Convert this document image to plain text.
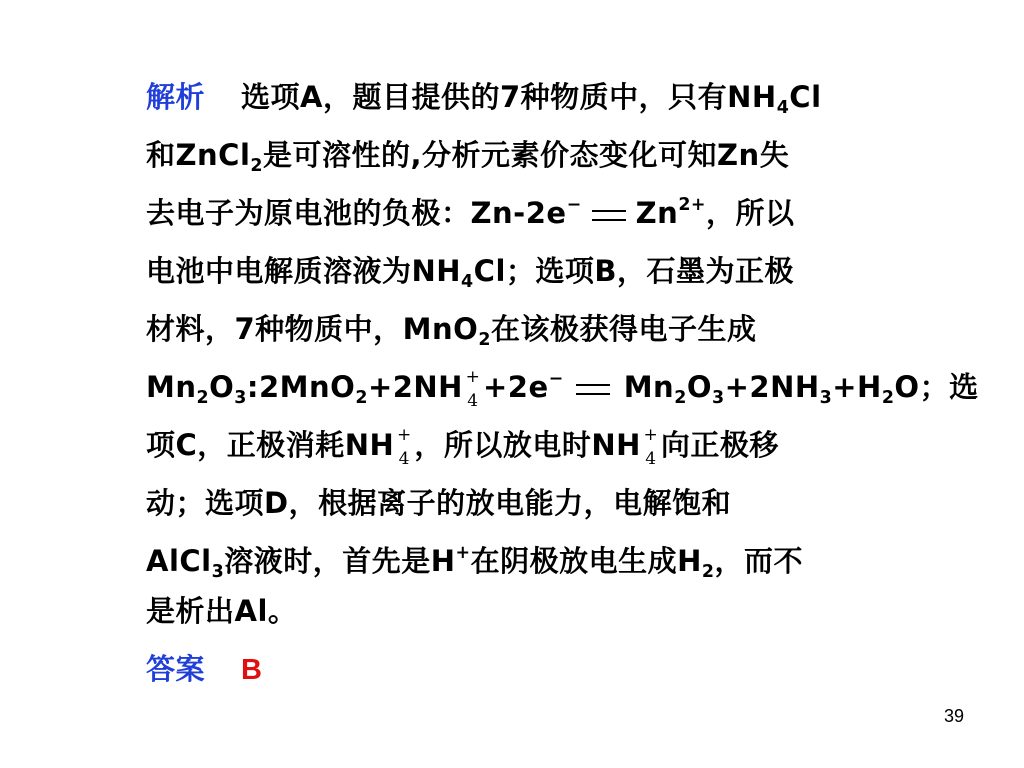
解析 选项A，题目提供的7种物质中，只有$NH_4Cl$
和ZnCl$_2$是可溶性的,分析元素价态变化可知Zn失
去电子为原电池的负极：Zn-2e− $Zn^{2+}$，所以
电池中电解质溶液为$NH_4Cl$；选项B，石墨为正极
材料，7种物质中，MnO$_2$在该极获得电子生成
$Mn_2O_3:2MnO_2+2NH$ +
4 +2e− $Mn_2O_3+2NH_3+H_2O$；选
项C，正极消耗NH +
4 ，所以放电时NH +
4 向正极移
动；选项D，根据离子的放电能力，电解饱和
AlCl$_3$溶液时，首先是H+在阴极放电生成$H_2$，而不
是析出Al。
答案 B
39
